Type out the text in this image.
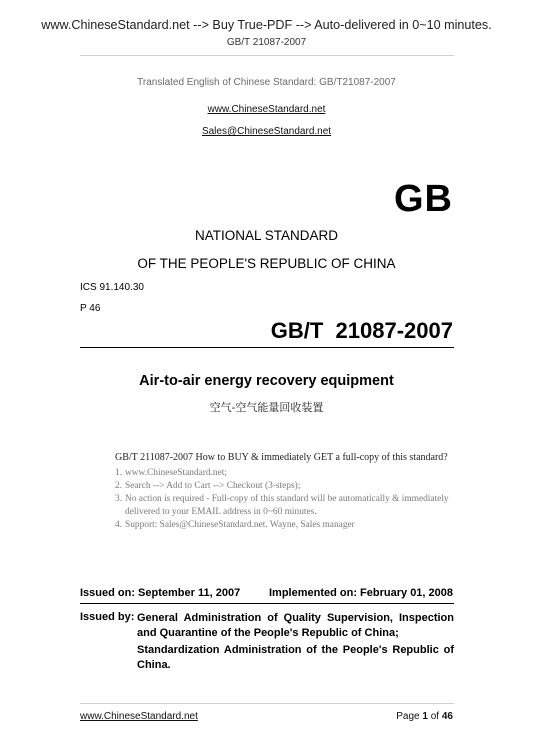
www.ChineseStandard.net --> Buy True-PDF --> Auto-delivered in 0~10 minutes.
GB/T 21087-2007
Translated English of Chinese Standard: GB/T21087-2007
www.ChineseStandard.net
Sales@ChineseStandard.net
GB
NATIONAL STANDARD
OF THE PEOPLE'S REPUBLIC OF CHINA
ICS 91.140.30
P 46
GB/T  21087-2007
Air-to-air energy recovery equipment
空气-空气能量回收装置
GB/T 211087-2007 How to BUY & immediately GET a full-copy of this standard?
1. www.ChineseStandard.net;
2. Search --> Add to Cart --> Checkout (3-steps);
3. No action is required - Full-copy of this standard will be automatically & immediately delivered to your EMAIL address in 0~60 minutes.
4. Support: Sales@ChineseStandard.net. Wayne, Sales manager
Issued on: September 11, 2007	Implemented on: February 01, 2008
Issued by: General Administration of Quality Supervision, Inspection and Quarantine of the People's Republic of China;
Standardization Administration of the People's Republic of China.
www.ChineseStandard.net	Page 1 of 46
